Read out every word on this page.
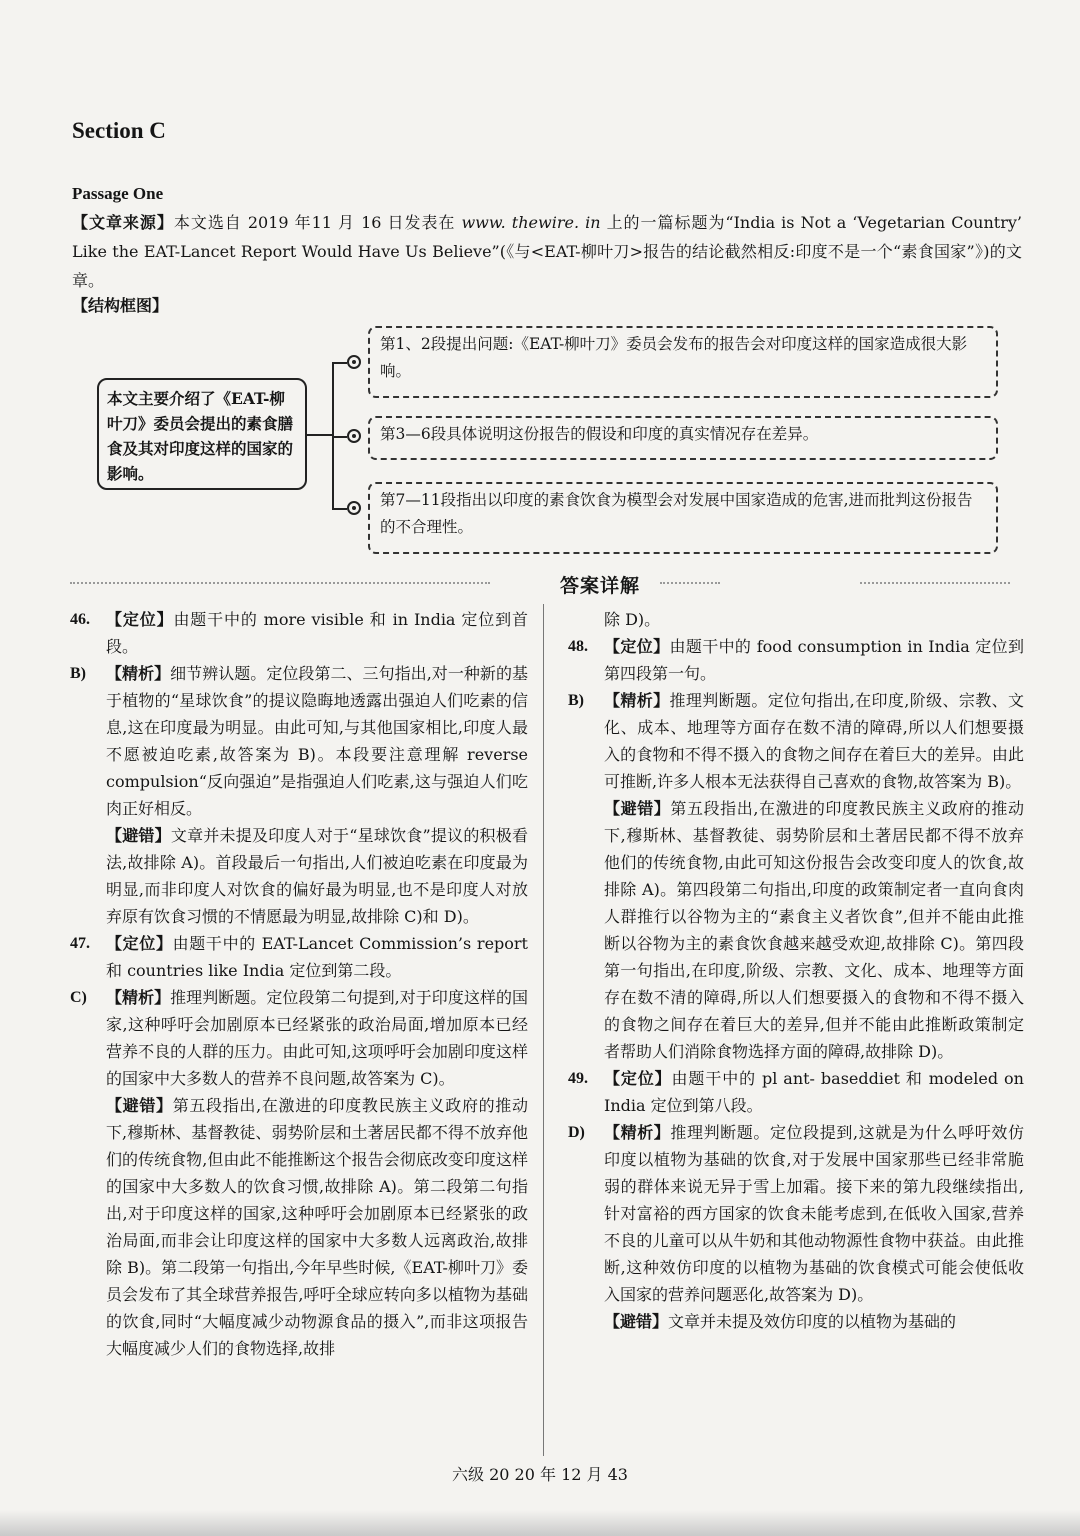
Section C
Passage One
【文章来源】本文选自 2019 年11 月 16 日发表在 www. thewire. in 上的一篇标题为“India is Not a ‘Vegetarian Country’ Like the EAT-Lancet Report Would Have Us Believe”(《与<EAT-柳叶刀>报告的结论截然相反:印度不是一个“素食国家”》)的文章。
【结构框图】
本文主要介绍了《EAT-柳叶刀》委员会提出的素食膳食及其对印度这样的国家的影响。
第1、2段提出问题:《EAT-柳叶刀》委员会发布的报告会对印度这样的国家造成很大影响。
第3—6段具体说明这份报告的假设和印度的真实情况存在差异。
第7—11段指出以印度的素食饮食为模型会对发展中国家造成的危害,进而批判这份报告的不合理性。
答案详解
46. 【定位】由题干中的 more visible 和 in India 定位到首段。
B) 【精析】细节辨认题。定位段第二、三句指出,对一种新的基于植物的“星球饮食”的提议隐晦地透露出强迫人们吃素的信息,这在印度最为明显。由此可知,与其他国家相比,印度人最不愿被迫吃素,故答案为 B)。本段要注意理解 reverse compulsion“反向强迫”是指强迫人们吃素,这与强迫人们吃肉正好相反。
【避错】文章并未提及印度人对于“星球饮食”提议的积极看法,故排除 A)。首段最后一句指出,人们被迫吃素在印度最为明显,而非印度人对饮食的偏好最为明显,也不是印度人对放弃原有饮食习惯的不情愿最为明显,故排除 C)和 D)。
47. 【定位】由题干中的 EAT-Lancet Commission’s report 和 countries like India 定位到第二段。
C) 【精析】推理判断题。定位段第二句提到,对于印度这样的国家,这种呼吁会加剧原本已经紧张的政治局面,增加原本已经营养不良的人群的压力。由此可知,这项呼吁会加剧印度这样的国家中大多数人的营养不良问题,故答案为 C)。
【避错】第五段指出,在激进的印度教民族主义政府的推动下,穆斯林、基督教徒、弱势阶层和土著居民都不得不放弃他们的传统食物,但由此不能推断这个报告会彻底改变印度这样的国家中大多数人的饮食习惯,故排除 A)。第二段第二句指出,对于印度这样的国家,这种呼吁会加剧原本已经紧张的政治局面,而非会让印度这样的国家中大多数人远离政治,故排除 B)。第二段第一句指出,今年早些时候,《EAT-柳叶刀》委员会发布了其全球营养报告,呼吁全球应转向多以植物为基础的饮食,同时“大幅度减少动物源食品的摄入”,而非这项报告大幅度减少人们的食物选择,故排
除 D)。
48. 【定位】由题干中的 food consumption in India 定位到第四段第一句。
B) 【精析】推理判断题。定位句指出,在印度,阶级、宗教、文化、成本、地理等方面存在数不清的障碍,所以人们想要摄入的食物和不得不摄入的食物之间存在着巨大的差异。由此可推断,许多人根本无法获得自己喜欢的食物,故答案为 B)。
【避错】第五段指出,在激进的印度教民族主义政府的推动下,穆斯林、基督教徒、弱势阶层和土著居民都不得不放弃他们的传统食物,由此可知这份报告会改变印度人的饮食,故排除 A)。第四段第二句指出,印度的政策制定者一直向食肉人群推行以谷物为主的“素食主义者饮食”,但并不能由此推断以谷物为主的素食饮食越来越受欢迎,故排除 C)。第四段第一句指出,在印度,阶级、宗教、文化、成本、地理等方面存在数不清的障碍,所以人们想要摄入的食物和不得不摄入的食物之间存在着巨大的差异,但并不能由此推断政策制定者帮助人们消除食物选择方面的障碍,故排除 D)。
49. 【定位】由题干中的 pl ant- baseddiet 和 modeled on India 定位到第八段。
D) 【精析】推理判断题。定位段提到,这就是为什么呼吁效仿印度以植物为基础的饮食,对于发展中国家那些已经非常脆弱的群体来说无异于雪上加霜。接下来的第九段继续指出,针对富裕的西方国家的饮食未能考虑到,在低收入国家,营养不良的儿童可以从牛奶和其他动物源性食物中获益。由此推断,这种效仿印度的以植物为基础的饮食模式可能会使低收入国家的营养问题恶化,故答案为 D)。
【避错】文章并未提及效仿印度的以植物为基础的
六级 20 20 年 12 月 43
